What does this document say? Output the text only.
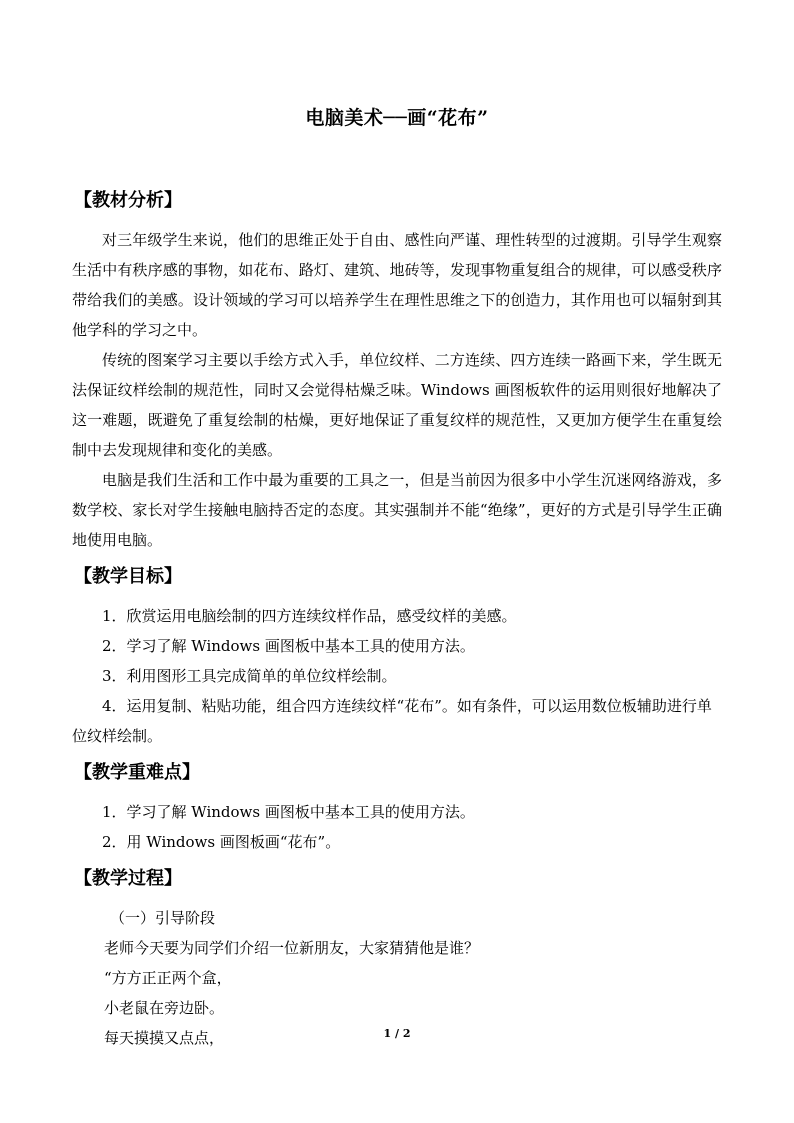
电脑美术──画“花布”
【教材分析】

对三年级学生来说，他们的思维正处于自由、感性向严谨、理性转型的过渡期。引导学生观察生活中有秩序感的事物，如花布、路灯、建筑、地砖等，发现事物重复组合的规律，可以感受秩序带给我们的美感。设计领域的学习可以培养学生在理性思维之下的创造力，其作用也可以辐射到其他学科的学习之中。

传统的图案学习主要以手绘方式入手，单位纹样、二方连续、四方连续一路画下来，学生既无法保证纹样绘制的规范性，同时又会觉得枯燥乏味。Windows 画图板软件的运用则很好地解决了这一难题，既避免了重复绘制的枯燥，更好地保证了重复纹样的规范性，又更加方便学生在重复绘制中去发现规律和变化的美感。

电脑是我们生活和工作中最为重要的工具之一，但是当前因为很多中小学生沉迷网络游戏，多数学校、家长对学生接触电脑持否定的态度。其实强制并不能“绝缘”，更好的方式是引导学生正确地使用电脑。

【教学目标】

1．欣赏运用电脑绘制的四方连续纹样作品，感受纹样的美感。

2．学习了解 Windows 画图板中基本工具的使用方法。

3．利用图形工具完成简单的单位纹样绘制。

4．运用复制、粘贴功能，组合四方连续纹样“花布”。如有条件，可以运用数位板辅助进行单位纹样绘制。

【教学重难点】

1．学习了解 Windows 画图板中基本工具的使用方法。

2．用 Windows 画图板画“花布”。

【教学过程】
（一）引导阶段
老师今天要为同学们介绍一位新朋友，大家猜猜他是谁？
“方方正正两个盒，
小老鼠在旁边卧。
每天摸摸又点点，	1 / 2
